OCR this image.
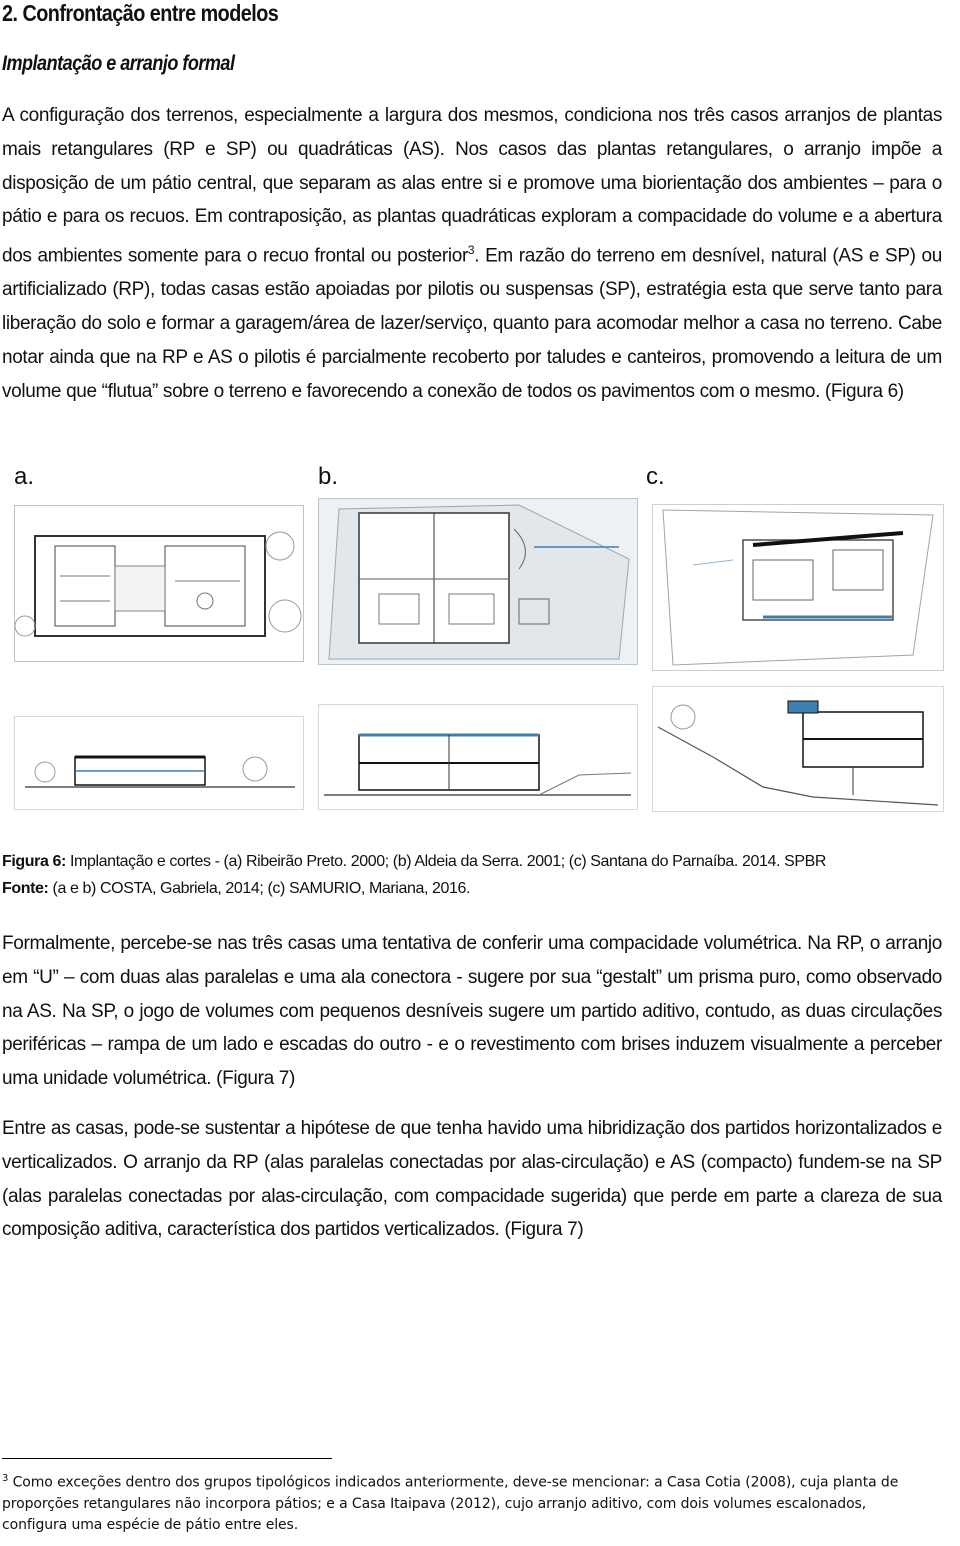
2. Confrontação entre modelos
Implantação e arranjo formal

A configuração dos terrenos, especialmente a largura dos mesmos, condiciona nos três casos arranjos de plantas mais retangulares (RP e SP) ou quadráticas (AS). Nos casos das plantas retangulares, o arranjo impõe a disposição de um pátio central, que separam as alas entre si e promove uma biorientação dos ambientes – para o pátio e para os recuos. Em contraposição, as plantas quadráticas exploram a compacidade do volume e a abertura dos ambientes somente para o recuo frontal ou posterior$^3$. Em razão do terreno em desnível, natural (AS e SP) ou artificializado (RP), todas casas estão apoiadas por pilotis ou suspensas (SP), estratégia esta que serve tanto para liberação do solo e formar a garagem/área de lazer/serviço, quanto para acomodar melhor a casa no terreno. Cabe notar ainda que na RP e AS o pilotis é parcialmente recoberto por taludes e canteiros, promovendo a leitura de um volume que “flutua” sobre o terreno e favorecendo a conexão de todos os pavimentos com o mesmo. (Figura 6)

a.	b.	c.
Figura 6: Implantação e cortes - (a) Ribeirão Preto. 2000; (b) Aldeia da Serra. 2001; (c) Santana do Parnaíba. 2014. SPBR
Fonte: (a e b) COSTA, Gabriela, 2014; (c) SAMURIO, Mariana, 2016.

Formalmente, percebe-se nas três casas uma tentativa de conferir uma compacidade volumétrica. Na RP, o arranjo em “U” – com duas alas paralelas e uma ala conectora - sugere por sua “gestalt” um prisma puro, como observado na AS. Na SP, o jogo de volumes com pequenos desníveis sugere um partido aditivo, contudo, as duas circulações periféricas – rampa de um lado e escadas do outro - e o revestimento com brises induzem visualmente a perceber uma unidade volumétrica. (Figura 7)

Entre as casas, pode-se sustentar a hipótese de que tenha havido uma hibridização dos partidos horizontalizados e verticalizados. O arranjo da RP (alas paralelas conectadas por alas-circulação) e AS (compacto) fundem-se na SP (alas paralelas conectadas por alas-circulação, com compacidade sugerida) que perde em parte a clareza de sua composição aditiva, característica dos partidos verticalizados. (Figura 7)

$^3$ Como exceções dentro dos grupos tipológicos indicados anteriormente, deve-se mencionar: a Casa Cotia (2008), cuja planta de proporções retangulares não incorpora pátios; e a Casa Itaipava (2012), cujo arranjo aditivo, com dois volumes escalonados, configura uma espécie de pátio entre eles.
